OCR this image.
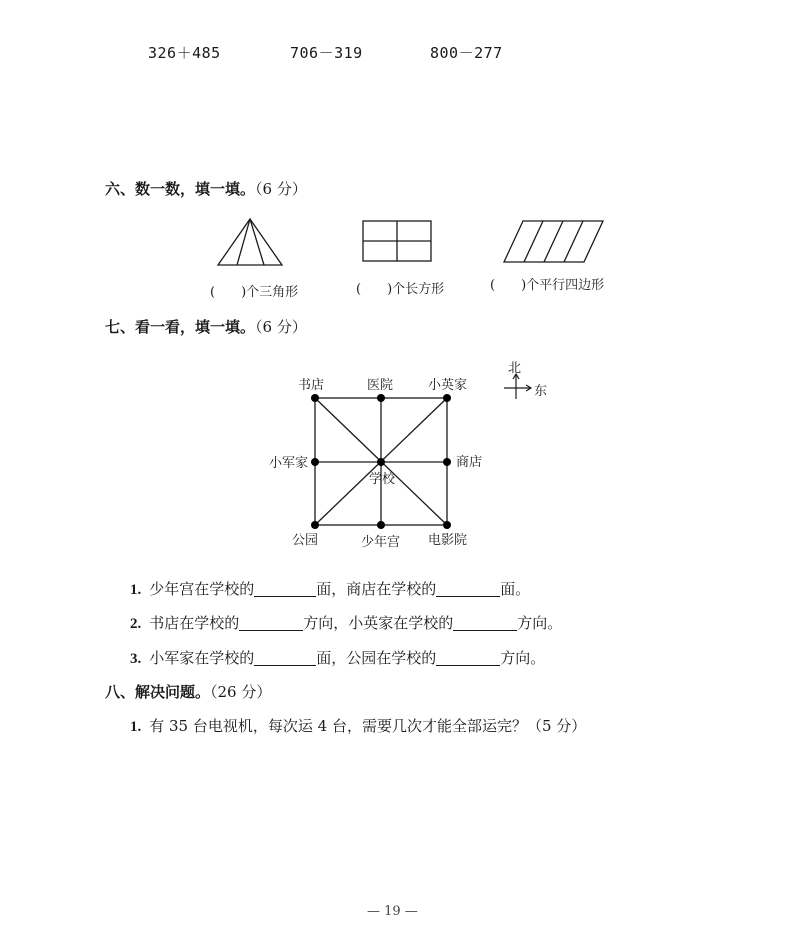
326＋485	706－319	800－277
六、数一数，填一填。（6 分）
(　　)个三角形	(　　)个长方形	(　　)个平行四边形
七、看一看，填一填。（6 分）
书店	医院	小英家
小军家
学校
商店
公园	少年宫 电影院
北
东
1. 少年宫在学校的	面，商店在学校的	面。
2. 书店在学校的	方向，小英家在学校的	方向。
3. 小军家在学校的	面，公园在学校的	方向。
八、解决问题。（26 分）
1. 有 35 台电视机，每次运 4 台，需要几次才能全部运完？（5 分）
— 19 —
